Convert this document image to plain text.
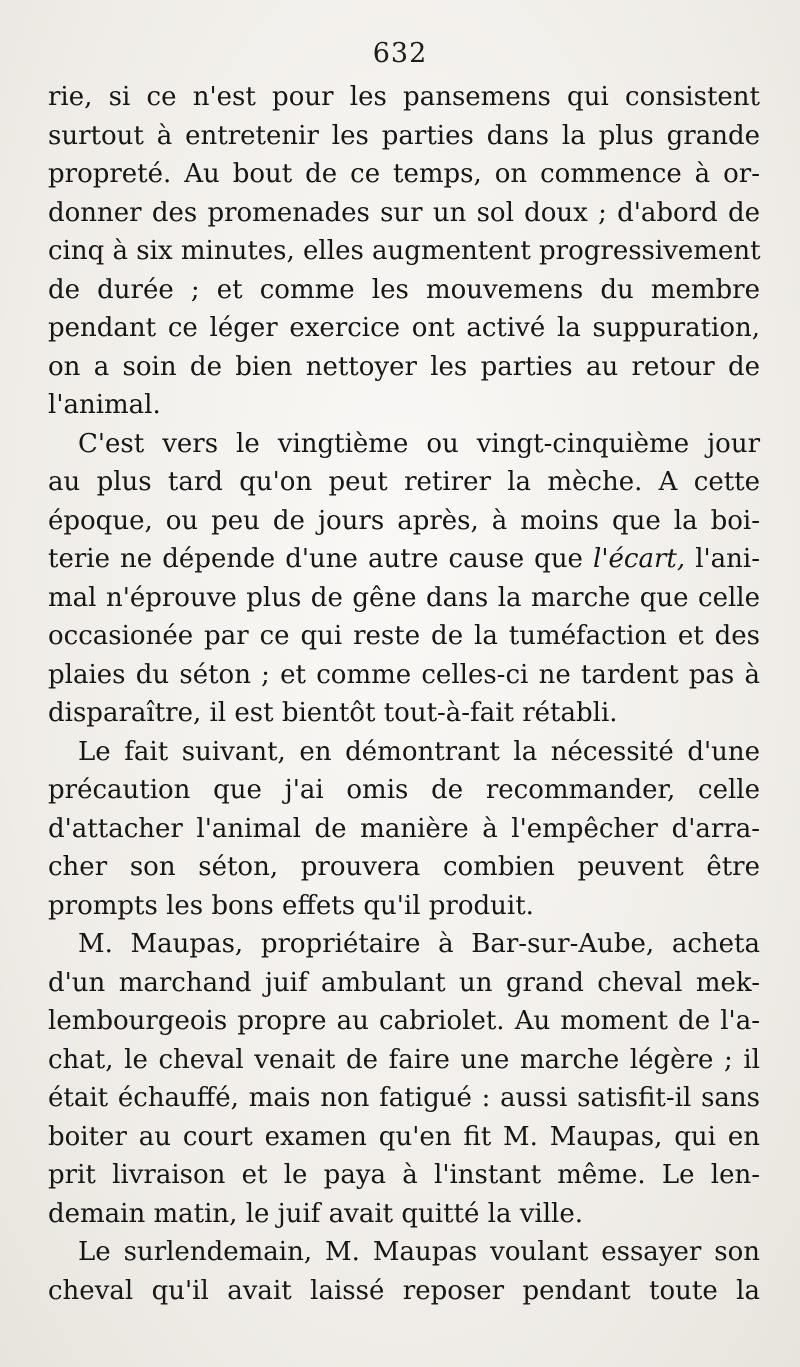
632
rie, si ce n'est pour les pansemens qui consistent
surtout à entretenir les parties dans la plus grande
propreté. Au bout de ce temps, on commence à or-
donner des promenades sur un sol doux ; d'abord de
cinq à six minutes, elles augmentent progressivement
de durée ; et comme les mouvemens du membre
pendant ce léger exercice ont activé la suppuration,
on a soin de bien nettoyer les parties au retour de
l'animal.
C'est vers le vingtième ou vingt-cinquième jour
au plus tard qu'on peut retirer la mèche. A cette
époque, ou peu de jours après, à moins que la boi-
terie ne dépende d'une autre cause que l'écart, l'ani-
mal n'éprouve plus de gêne dans la marche que celle
occasionée par ce qui reste de la tuméfaction et des
plaies du séton ; et comme celles-ci ne tardent pas à
disparaître, il est bientôt tout-à-fait rétabli.
Le fait suivant, en démontrant la nécessité d'une
précaution que j'ai omis de recommander, celle
d'attacher l'animal de manière à l'empêcher d'arra-
cher son séton, prouvera combien peuvent être
prompts les bons effets qu'il produit.
M. Maupas, propriétaire à Bar-sur-Aube, acheta
d'un marchand juif ambulant un grand cheval mek-
lembourgeois propre au cabriolet. Au moment de l'a-
chat, le cheval venait de faire une marche légère ; il
était échauffé, mais non fatigué : aussi satisfit-il sans
boiter au court examen qu'en fit M. Maupas, qui en
prit livraison et le paya à l'instant même. Le len-
demain matin, le juif avait quitté la ville.
Le surlendemain, M. Maupas voulant essayer son
cheval qu'il avait laissé reposer pendant toute la
